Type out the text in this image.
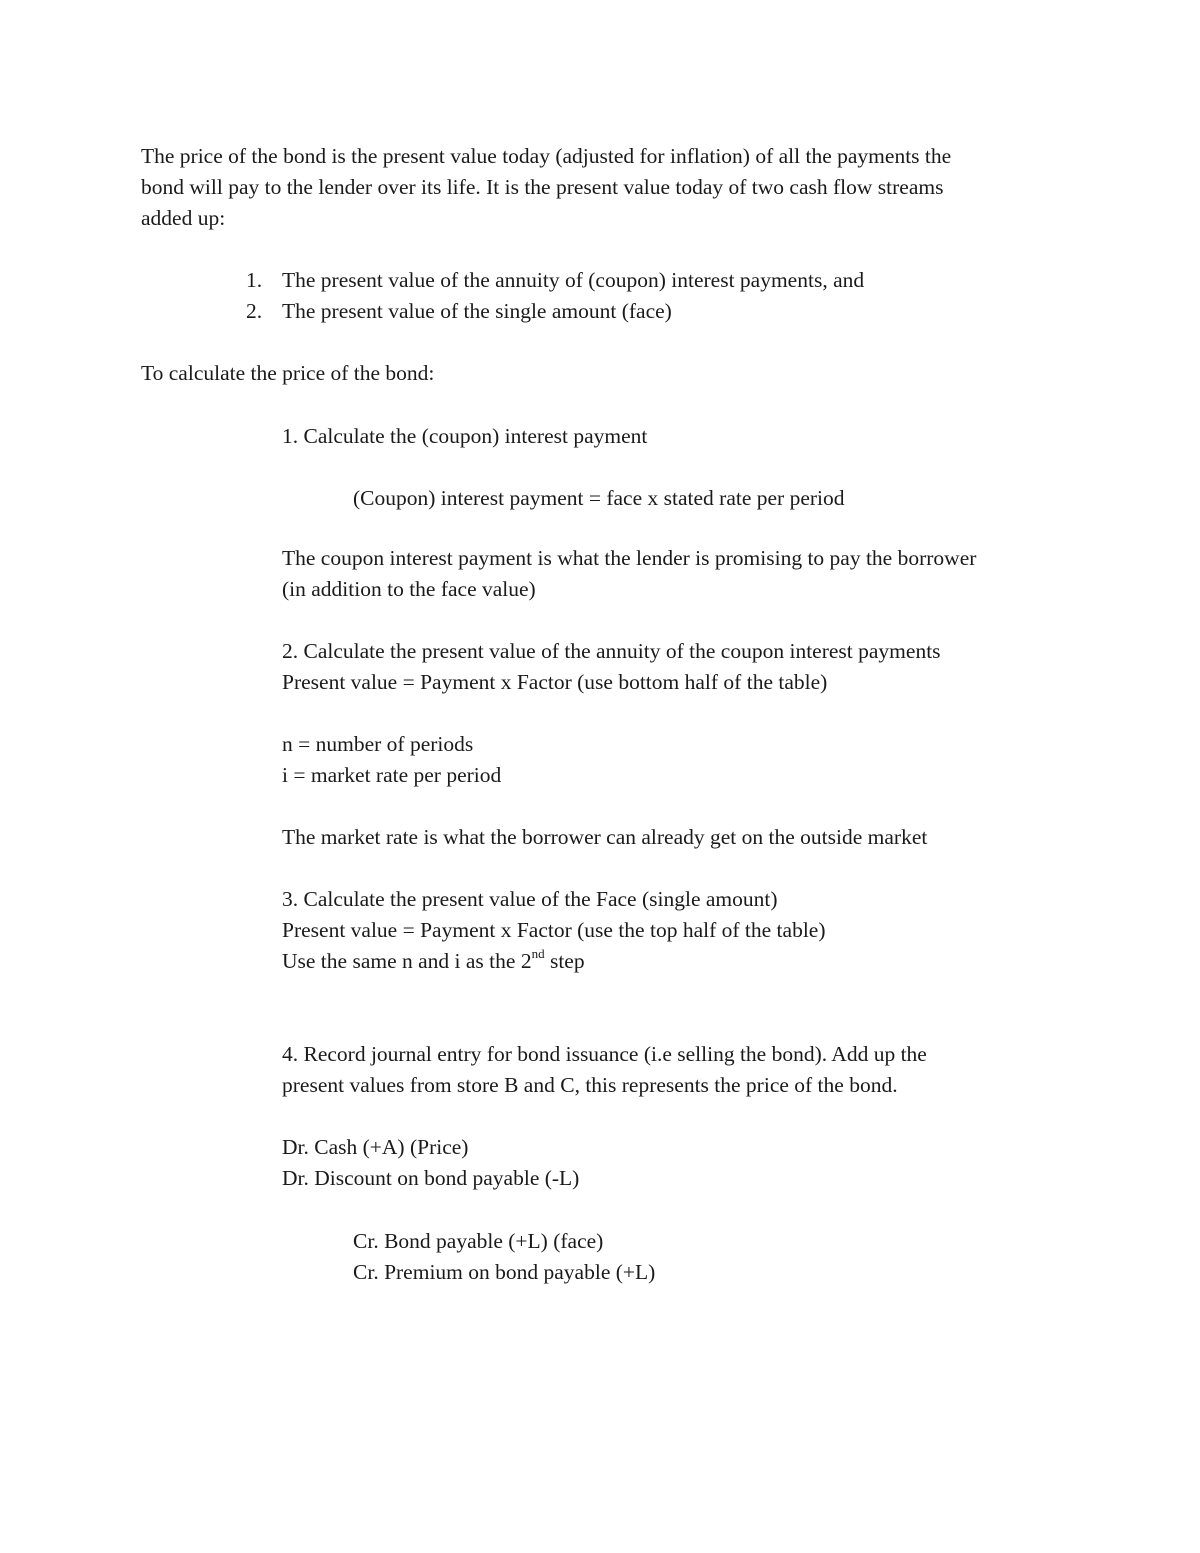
The price of the bond is the present value today (adjusted for inflation) of all the payments the
bond will pay to the lender over its life. It is the present value today of two cash flow streams
added up:
1. The present value of the annuity of (coupon) interest payments, and
2. The present value of the single amount (face)
To calculate the price of the bond:
1. Calculate the (coupon) interest payment
(Coupon) interest payment = face x stated rate per period
The coupon interest payment is what the lender is promising to pay the borrower
(in addition to the face value)
2. Calculate the present value of the annuity of the coupon interest payments
Present value = Payment x Factor (use bottom half of the table)
n = number of periods
i = market rate per period
The market rate is what the borrower can already get on the outside market
3. Calculate the present value of the Face (single amount)
Present value = Payment x Factor (use the top half of the table)
Use the same n and i as the 2nd step
4. Record journal entry for bond issuance (i.e selling the bond). Add up the
present values from store B and C, this represents the price of the bond.
Dr. Cash (+A) (Price)
Dr. Discount on bond payable (-L)
Cr. Bond payable (+L) (face)
Cr. Premium on bond payable (+L)
